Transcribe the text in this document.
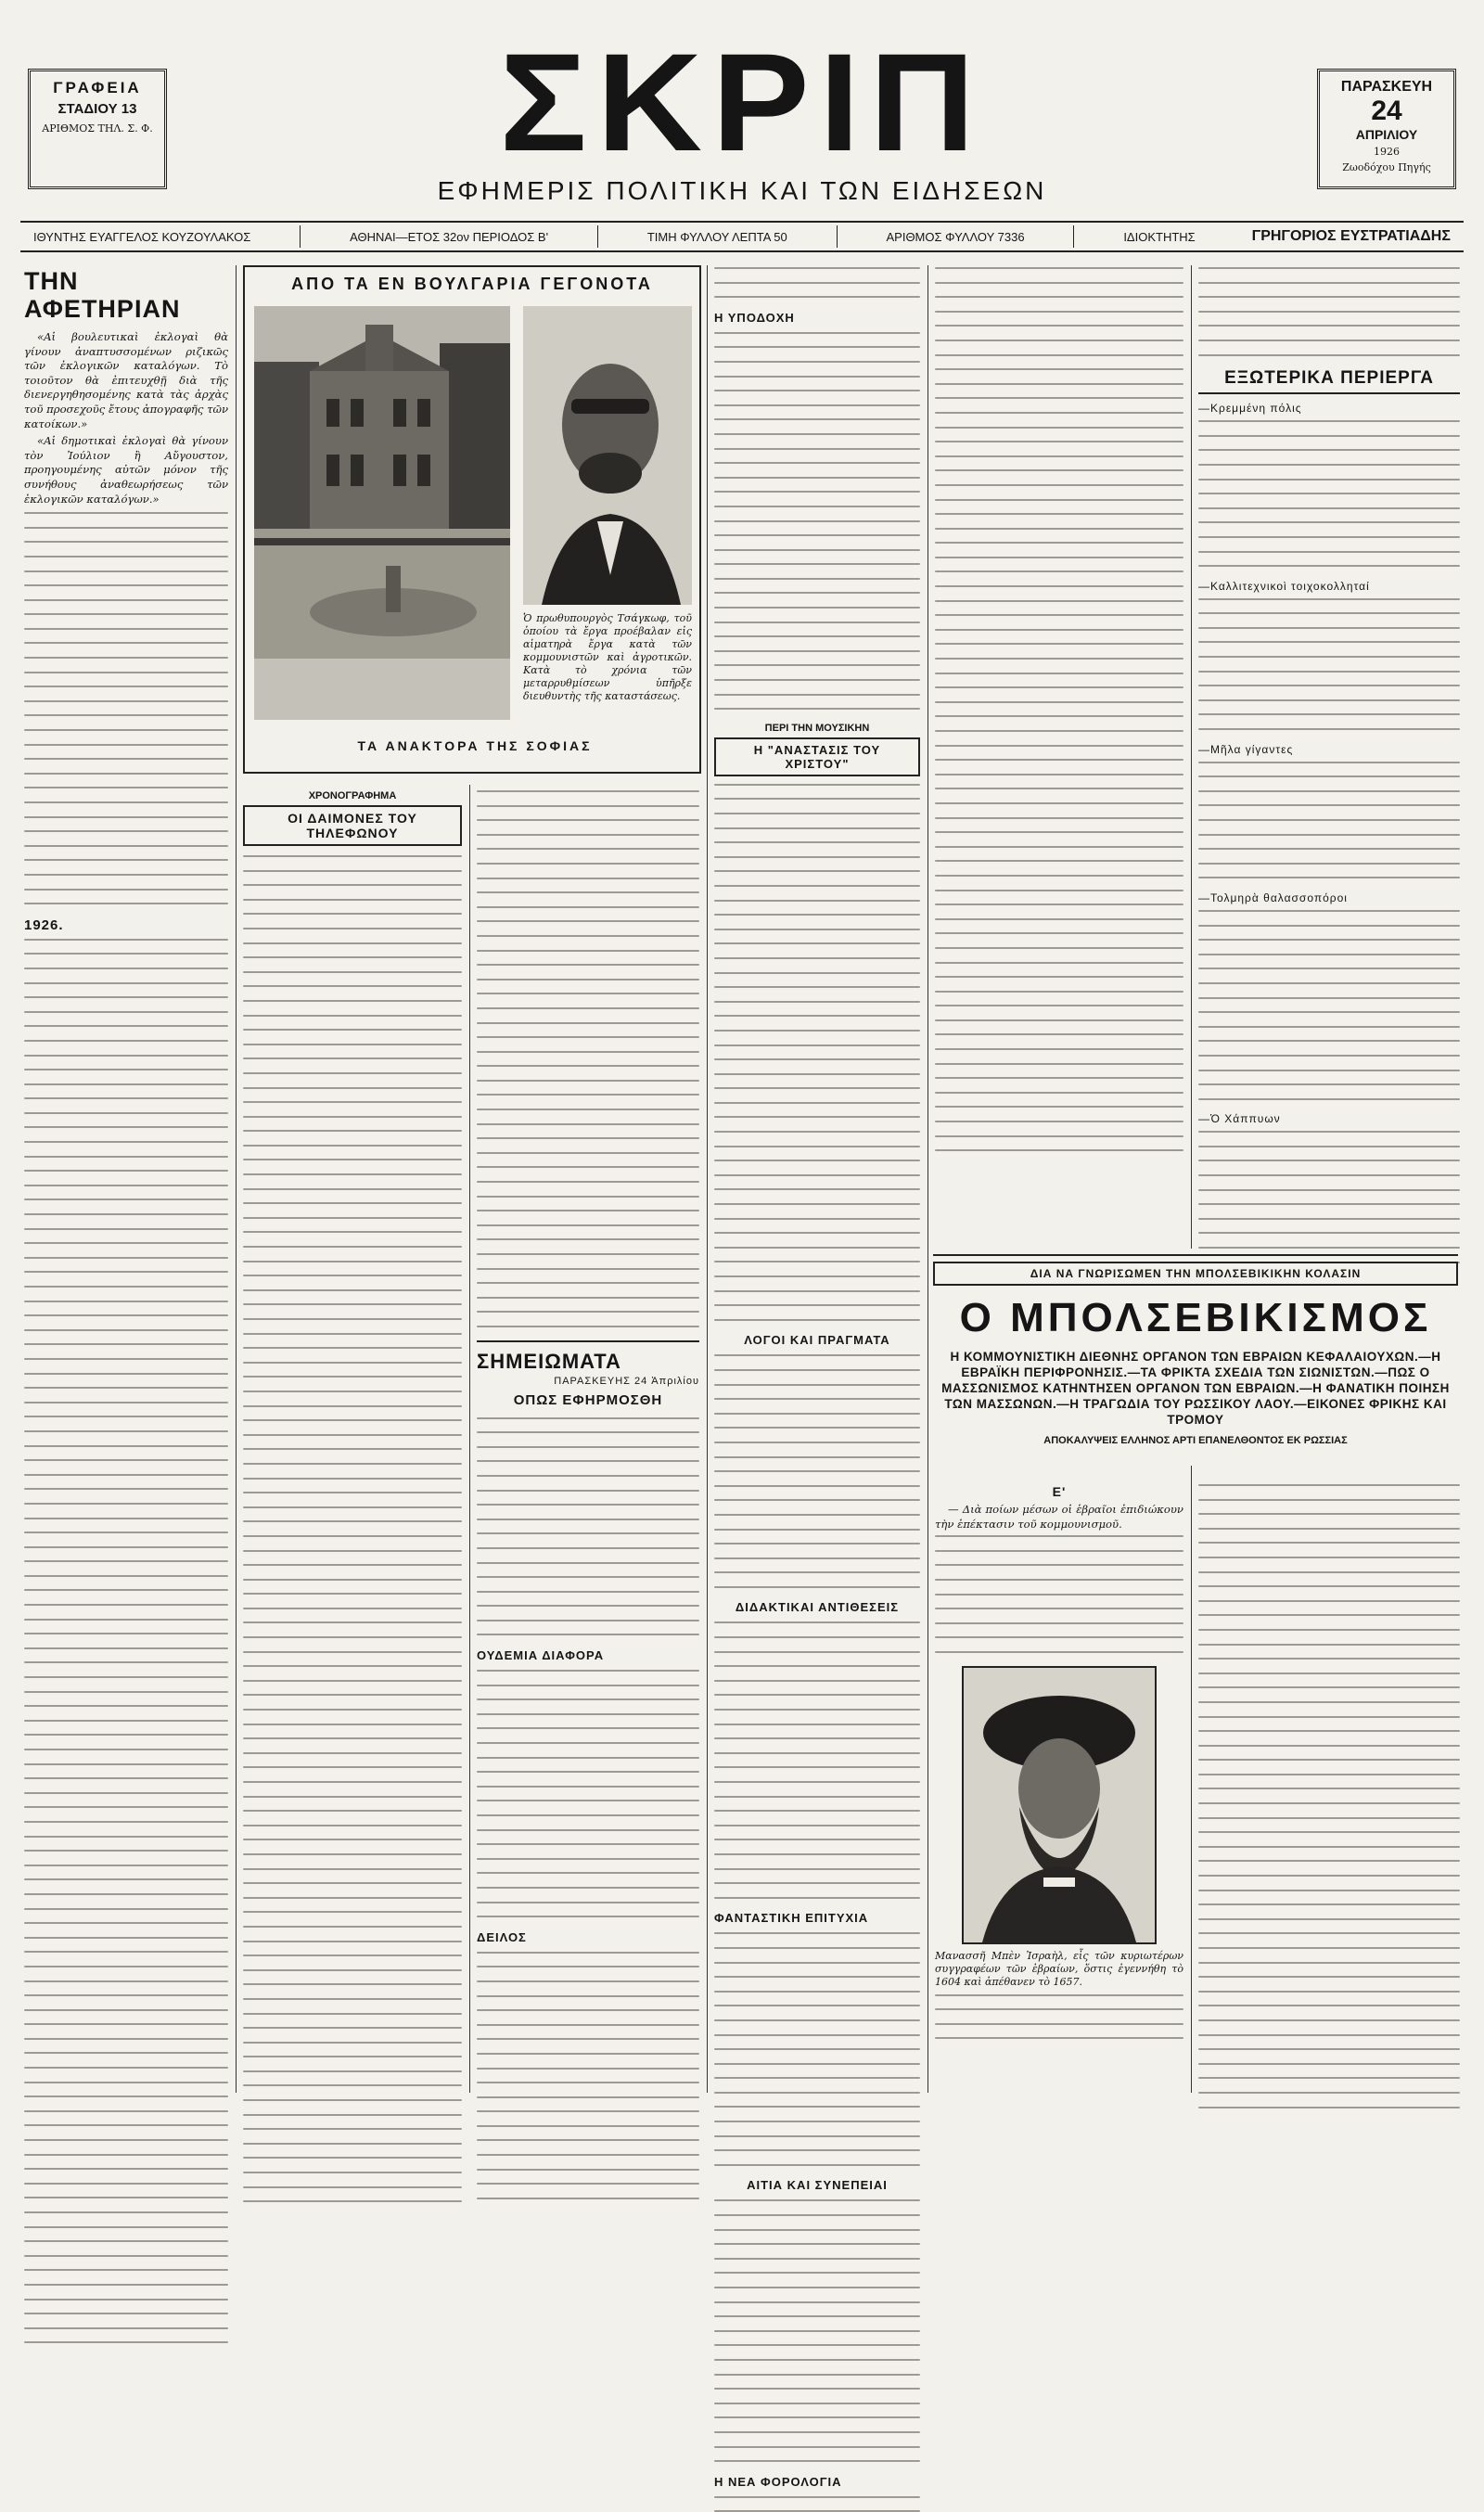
ΓΡΑΦΕΙΑ
ΣΤΑΔΙΟΥ 13
ΑΡΙΘΜΟΣ ΤΗΛ. Σ. Φ.	ΣΚΡΙΠ
ΕΦΗΜΕΡΙΣ ΠΟΛΙΤΙΚΗ ΚΑΙ ΤΩΝ ΕΙΔΗΣΕΩΝ
ΠΑΡΑΣΚΕΥΗ
24
ΑΠΡΙΛΙΟΥ
1926
Ζωοδόχου Πηγής
ΙΘΥΝΤΗΣ ΕΥΑΓΓΕΛΟΣ ΚΟΥΖΟΥΛΑΚΟΣ	ΑΘΗΝΑΙ—ΕΤΟΣ 32ον ΠΕΡΙΟΔΟΣ Β'	ΤΙΜΗ ΦΥΛΛΟΥ ΛΕΠΤΑ 50	ΑΡΙΘΜΟΣ ΦΥΛΛΟΥ 7336	ΙΔΙΟΚΤΗΤΗΣ	ΓΡΗΓΟΡΙΟΣ ΕΥΣΤΡΑΤΙΑΔΗΣ
ΤΗΝ ΑΦΕΤΗΡΙΑΝ

«Αἱ βουλευτικαὶ ἐκλογαὶ θὰ γίνουν ἀναπτυσσομένων ριζικῶς τῶν ἐκλογικῶν καταλόγων. Τὸ τοιοῦτον θὰ ἐπιτευχθῇ διὰ τῆς διενεργηθησομένης κατὰ τὰς ἀρχὰς τοῦ προσεχοῦς ἔτους ἀπογραφῆς τῶν κατοίκων.»

«Αἱ δημοτικαὶ ἐκλογαὶ θὰ γίνουν τὸν Ἰούλιον ἢ Αὔγουστον, προηγουμένης αὐτῶν μόνον τῆς συνήθους ἀναθεωρήσεως τῶν ἐκλογικῶν καταλόγων.»

1926.
ΑΠΟ ΤΑ ΕΝ ΒΟΥΛΓΑΡΙΑ ΓΕΓΟΝΟΤΑ
Ὁ πρωθυπουργὸς Τσάγκωφ, τοῦ ὁποίου τὰ ἔργα προέβαλαν εἰς αἱματηρὰ ἔργα κατὰ τῶν κομμουνιστῶν καὶ ἀγροτικῶν. Κατὰ τὸ χρόνια τῶν μεταρρυθμίσεων ὑπῆρξε διευθυντὴς τῆς καταστάσεως.
ΤΑ ΑΝΑΚΤΟΡΑ ΤΗΣ ΣΟΦΙΑΣ
ΧΡΟΝΟΓΡΑΦΗΜΑ
ΟΙ ΔΑΙΜΟΝΕΣ ΤΟΥ ΤΗΛΕΦΩΝΟΥ
ΣΗΜΕΙΩΜΑΤΑ
ΠΑΡΑΣΚΕΥΗΣ 24 Ἀπριλίου
ΟΠΩΣ ΕΦΗΡΜΟΣΘΗ
ΟΥΔΕΜΙΑ ΔΙΑΦΟΡΑ
ΔΕΙΛΟΣ
Η ΥΠΟΔΟΧΗ
ΠΕΡΙ ΤΗΝ ΜΟΥΣΙΚΗΝ
Η "ΑΝΑΣΤΑΣΙΣ ΤΟΥ ΧΡΙΣΤΟΥ"
ΛΟΓΟΙ ΚΑΙ ΠΡΑΓΜΑΤΑ
ΔΙΔΑΚΤΙΚΑΙ ΑΝΤΙΘΕΣΕΙΣ
ΦΑΝΤΑΣΤΙΚΗ ΕΠΙΤΥΧΙΑ
ΑΙΤΙΑ ΚΑΙ ΣΥΝΕΠΕΙΑΙ
Η ΝΕΑ ΦΟΡΟΛΟΓΙΑ
ΕΞΩΤΕΡΙΚΑ ΠΕΡΙΕΡΓΑ
—Κρεμμένη πόλις
—Καλλιτεχνικοὶ τοιχοκολληταί
—Μῆλα γίγαντες
—Τολμηρὰ θαλασσοπόροι
—Ὁ Χάππυων
ΔΙΑ ΝΑ ΓΝΩΡΙΣΩΜΕΝ ΤΗΝ ΜΠΟΛΣΕΒΙΚΙΚΗΝ ΚΟΛΑΣΙΝ
Ο ΜΠΟΛΣΕΒΙΚΙΣΜΟΣ
Η ΚΟΜΜΟΥΝΙΣΤΙΚΗ ΔΙΕΘΝΗΣ ΟΡΓΑΝΟΝ ΤΩΝ ΕΒΡΑΙΩΝ ΚΕΦΑΛΑΙΟΥΧΩΝ.—Η ΕΒΡΑΪΚΗ ΠΕΡΙΦΡΟΝΗΣΙΣ.—ΤΑ ΦΡΙΚΤΑ ΣΧΕΔΙΑ ΤΩΝ ΣΙΩΝΙΣΤΩΝ.—ΠΩΣ Ο ΜΑΣΣΩΝΙΣΜΟΣ ΚΑΤΗΝΤΗΣΕΝ ΟΡΓΑΝΟΝ ΤΩΝ ΕΒΡΑΙΩΝ.—Η ΦΑΝΑΤΙΚΗ ΠΟΙΗΣΗ ΤΩΝ ΜΑΣΣΩΝΩΝ.—Η ΤΡΑΓΩΔΙΑ ΤΟΥ ΡΩΣΣΙΚΟΥ ΛΑΟΥ.—ΕΙΚΟΝΕΣ ΦΡΙΚΗΣ ΚΑΙ ΤΡΟΜΟΥ
ΑΠΟΚΑΛΥΨΕΙΣ ΕΛΛΗΝΟΣ ΑΡΤΙ ΕΠΑΝΕΛΘΟΝΤΟΣ ΕΚ ΡΩΣΣΙΑΣ
Ε'

— Διὰ ποίων μέσων οἱ ἑβραῖοι ἐπιδιώκουν τὴν ἐπέκτασιν τοῦ κομμουνισμοῦ.

Μανασσῆ Μπὲν Ἰσραὴλ, εἷς τῶν κυριωτέρων συγγραφέων τῶν ἑβραίων, ὅστις ἐγεννήθη τὸ 1604 καὶ ἀπέθανεν τὸ 1657.
